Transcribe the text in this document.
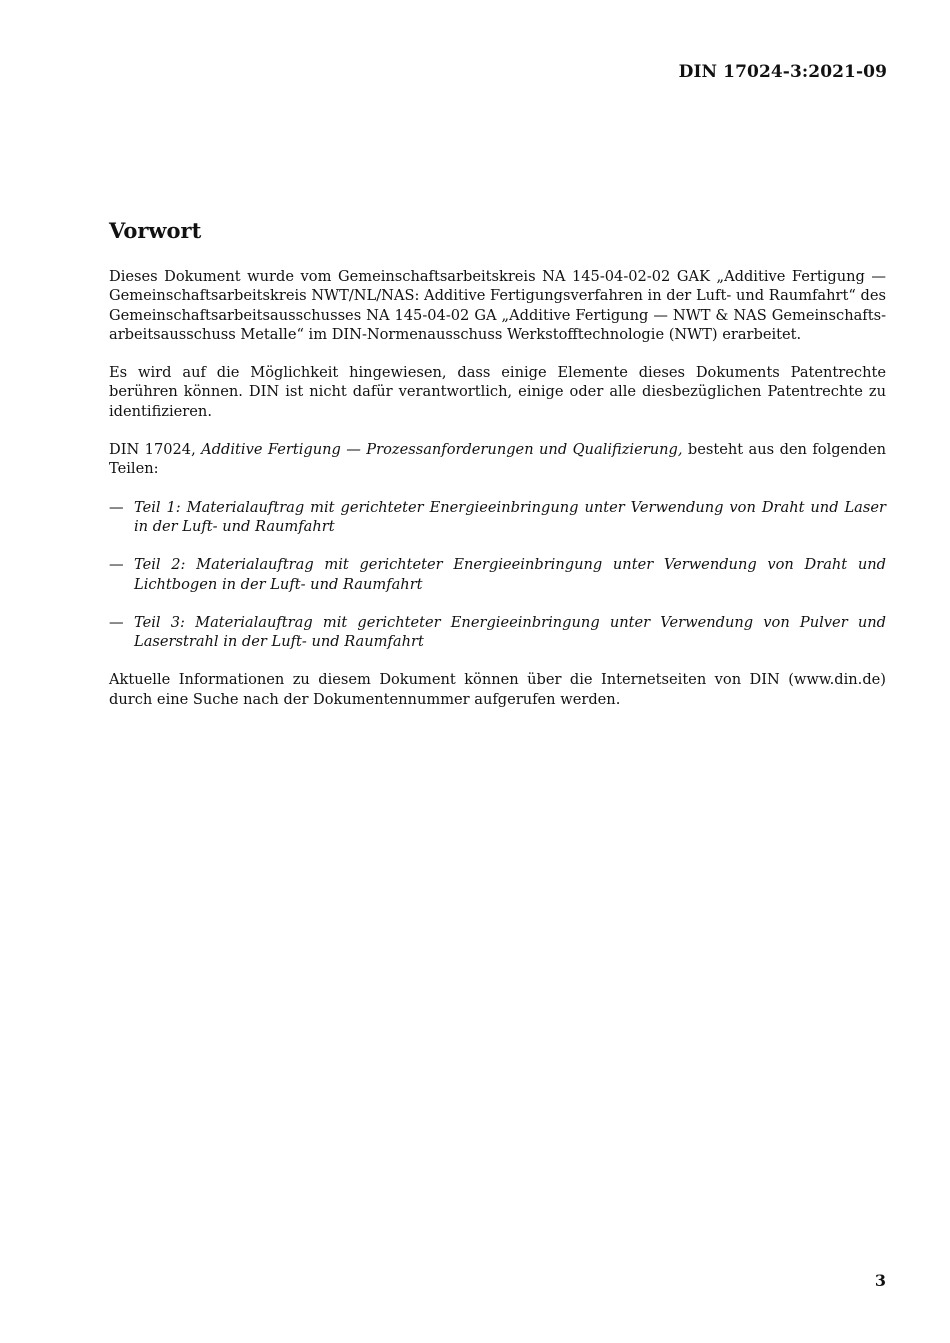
DIN 17024-3:2021-09
Vorwort

Dieses Dokument wurde vom Gemeinschaftsarbeitskreis NA 145-04-02-02 GAK „Additive Fertigung — Gemeinschaftsarbeitskreis NWT/NL/NAS: Additive Fertigungsverfahren in der Luft- und Raumfahrt“ des Gemeinschaftsarbeitsausschusses NA 145-04-02 GA „Additive Fertigung — NWT & NAS Gemeinschafts-arbeitsausschuss Metalle“ im DIN-Normenausschuss Werkstofftechnologie (NWT) erarbeitet.

Es wird auf die Möglichkeit hingewiesen, dass einige Elemente dieses Dokuments Patentrechte berühren können. DIN ist nicht dafür verantwortlich, einige oder alle diesbezüglichen Patentrechte zu identifizieren.

DIN 17024, Additive Fertigung — Prozessanforderungen und Qualifizierung, besteht aus den folgenden Teilen:

— Teil 1: Materialauftrag mit gerichteter Energieeinbringung unter Verwendung von Draht und Laser in der Luft- und Raumfahrt
— Teil 2: Materialauftrag mit gerichteter Energieeinbringung unter Verwendung von Draht und Lichtbogen in der Luft- und Raumfahrt
— Teil 3: Materialauftrag mit gerichteter Energieeinbringung unter Verwendung von Pulver und Laserstrahl in der Luft- und Raumfahrt

Aktuelle Informationen zu diesem Dokument können über die Internetseiten von DIN (www.din.de) durch eine Suche nach der Dokumentennummer aufgerufen werden.

3
